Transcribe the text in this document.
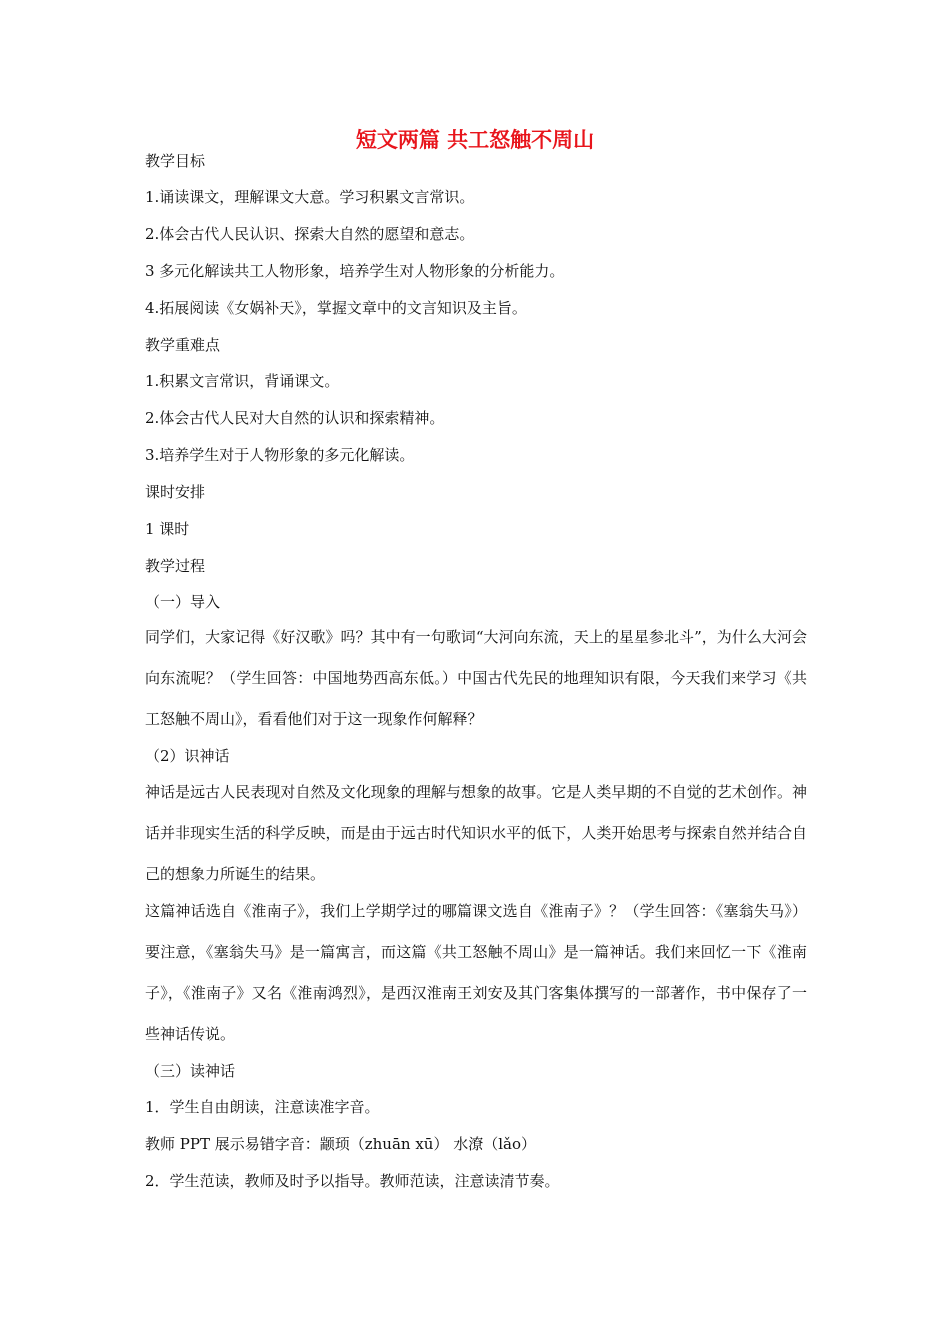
短文两篇 共工怒触不周山
教学目标
1.诵读课文，理解课文大意。学习积累文言常识。
2.体会古代人民认识、探索大自然的愿望和意志。
3 多元化解读共工人物形象，培养学生对人物形象的分析能力。
4.拓展阅读《女娲补天》，掌握文章中的文言知识及主旨。
教学重难点
1.积累文言常识，背诵课文。
2.体会古代人民对大自然的认识和探索精神。
3.培养学生对于人物形象的多元化解读。
课时安排
1 课时
教学过程
（一）导入
同学们，大家记得《好汉歌》吗？其中有一句歌词“大河向东流，天上的星星参北斗”，为什么大河会向东流呢？（学生回答：中国地势西高东低。）中国古代先民的地理知识有限，今天我们来学习《共工怒触不周山》，看看他们对于这一现象作何解释？
（2）识神话
神话是远古人民表现对自然及文化现象的理解与想象的故事。它是人类早期的不自觉的艺术创作。神话并非现实生活的科学反映，而是由于远古时代知识水平的低下，人类开始思考与探索自然并结合自己的想象力所诞生的结果。
这篇神话选自《淮南子》，我们上学期学过的哪篇课文选自《淮南子》？（学生回答：《塞翁失马》）要注意，《塞翁失马》是一篇寓言，而这篇《共工怒触不周山》是一篇神话。我们来回忆一下《淮南子》，《淮南子》又名《淮南鸿烈》，是西汉淮南王刘安及其门客集体撰写的一部著作，书中保存了一些神话传说。
（三）读神话
1．学生自由朗读，注意读准字音。
教师 PPT 展示易错字音：颛顼（zhuān xū） 水潦（lǎo）
2．学生范读，教师及时予以指导。教师范读，注意读清节奏。
